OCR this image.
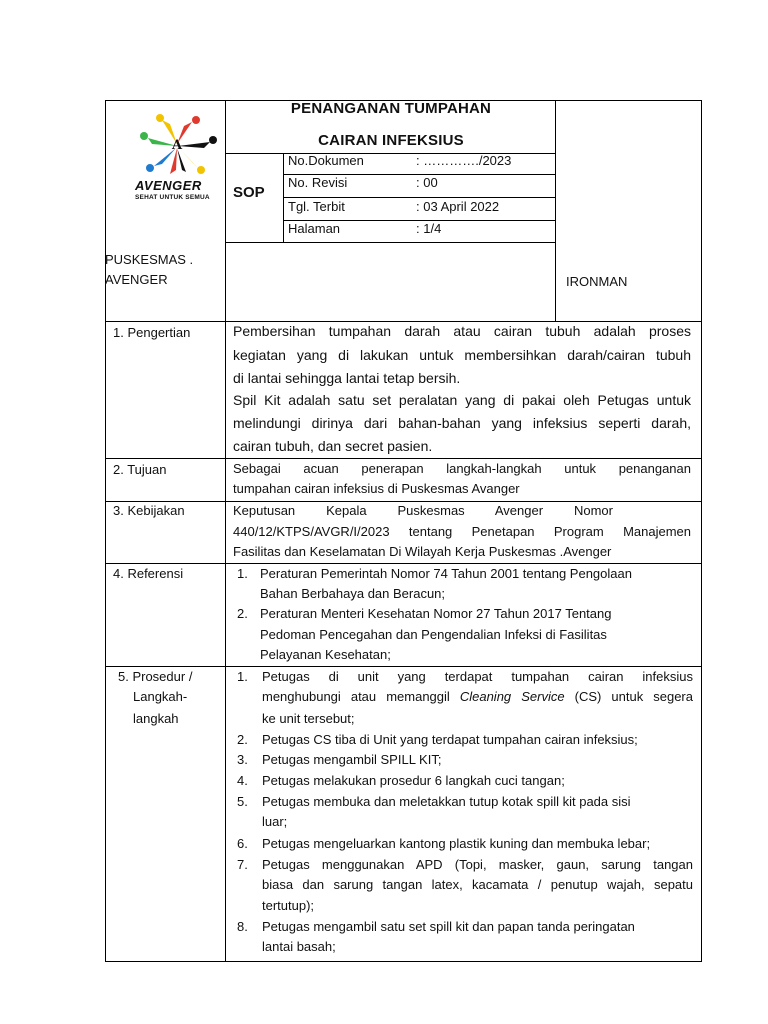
A
AVENGER
SEHAT UNTUK SEMUA
PENANGANAN TUMPAHAN
CAIRAN INFEKSIUS
SOP
No.Dokumen	: …………./2023
No. Revisi	: 00
Tgl. Terbit	: 03 April 2022
Halaman	: 1/4
PUSKESMAS .
AVENGER	IRONMAN
1. Pengertian	Pembersihan tumpahan darah atau cairan tubuh adalah proses
kegiatan yang di lakukan untuk membersihkan darah/cairan tubuh
di lantai sehingga lantai tetap bersih.
Spil Kit adalah satu set peralatan yang di pakai oleh Petugas untuk
melindungi dirinya dari bahan-bahan yang infeksius seperti darah,
cairan tubuh, dan secret pasien.
2. Tujuan	Sebagai acuan penerapan langkah-langkah untuk penanganan
tumpahan cairan infeksius di Puskesmas Avanger
3. Kebijakan	Keputusan Kepala Puskesmas Avenger Nomor
440/12/KTPS/AVGR/I/2023 tentang Penetapan Program Manajemen
Fasilitas dan Keselamatan Di Wilayah Kerja Puskesmas .Avenger
4. Referensi	1. Peraturan Pemerintah Nomor 74 Tahun 2001 tentang Pengolaan
Bahan Berbahaya dan Beracun;
2. Peraturan Menteri Kesehatan Nomor 27 Tahun 2017 Tentang
Pedoman Pencegahan dan Pengendalian Infeksi di Fasilitas
Pelayanan Kesehatan;
5. Prosedur /
Langkah-
langkah
1. Petugas di unit yang terdapat tumpahan cairan infeksius
menghubungi atau memanggil Cleaning Service (CS) untuk segera
ke unit tersebut;
2. Petugas CS tiba di Unit yang terdapat tumpahan cairan infeksius;
3. Petugas mengambil SPILL KIT;
4. Petugas melakukan prosedur 6 langkah cuci tangan;
5. Petugas membuka dan meletakkan tutup kotak spill kit pada sisi
luar;
6. Petugas mengeluarkan kantong plastik kuning dan membuka lebar;
7. Petugas menggunakan APD (Topi, masker, gaun, sarung tangan
biasa dan sarung tangan latex, kacamata / penutup wajah, sepatu
tertutup);
8. Petugas mengambil satu set spill kit dan papan tanda peringatan
lantai basah;
